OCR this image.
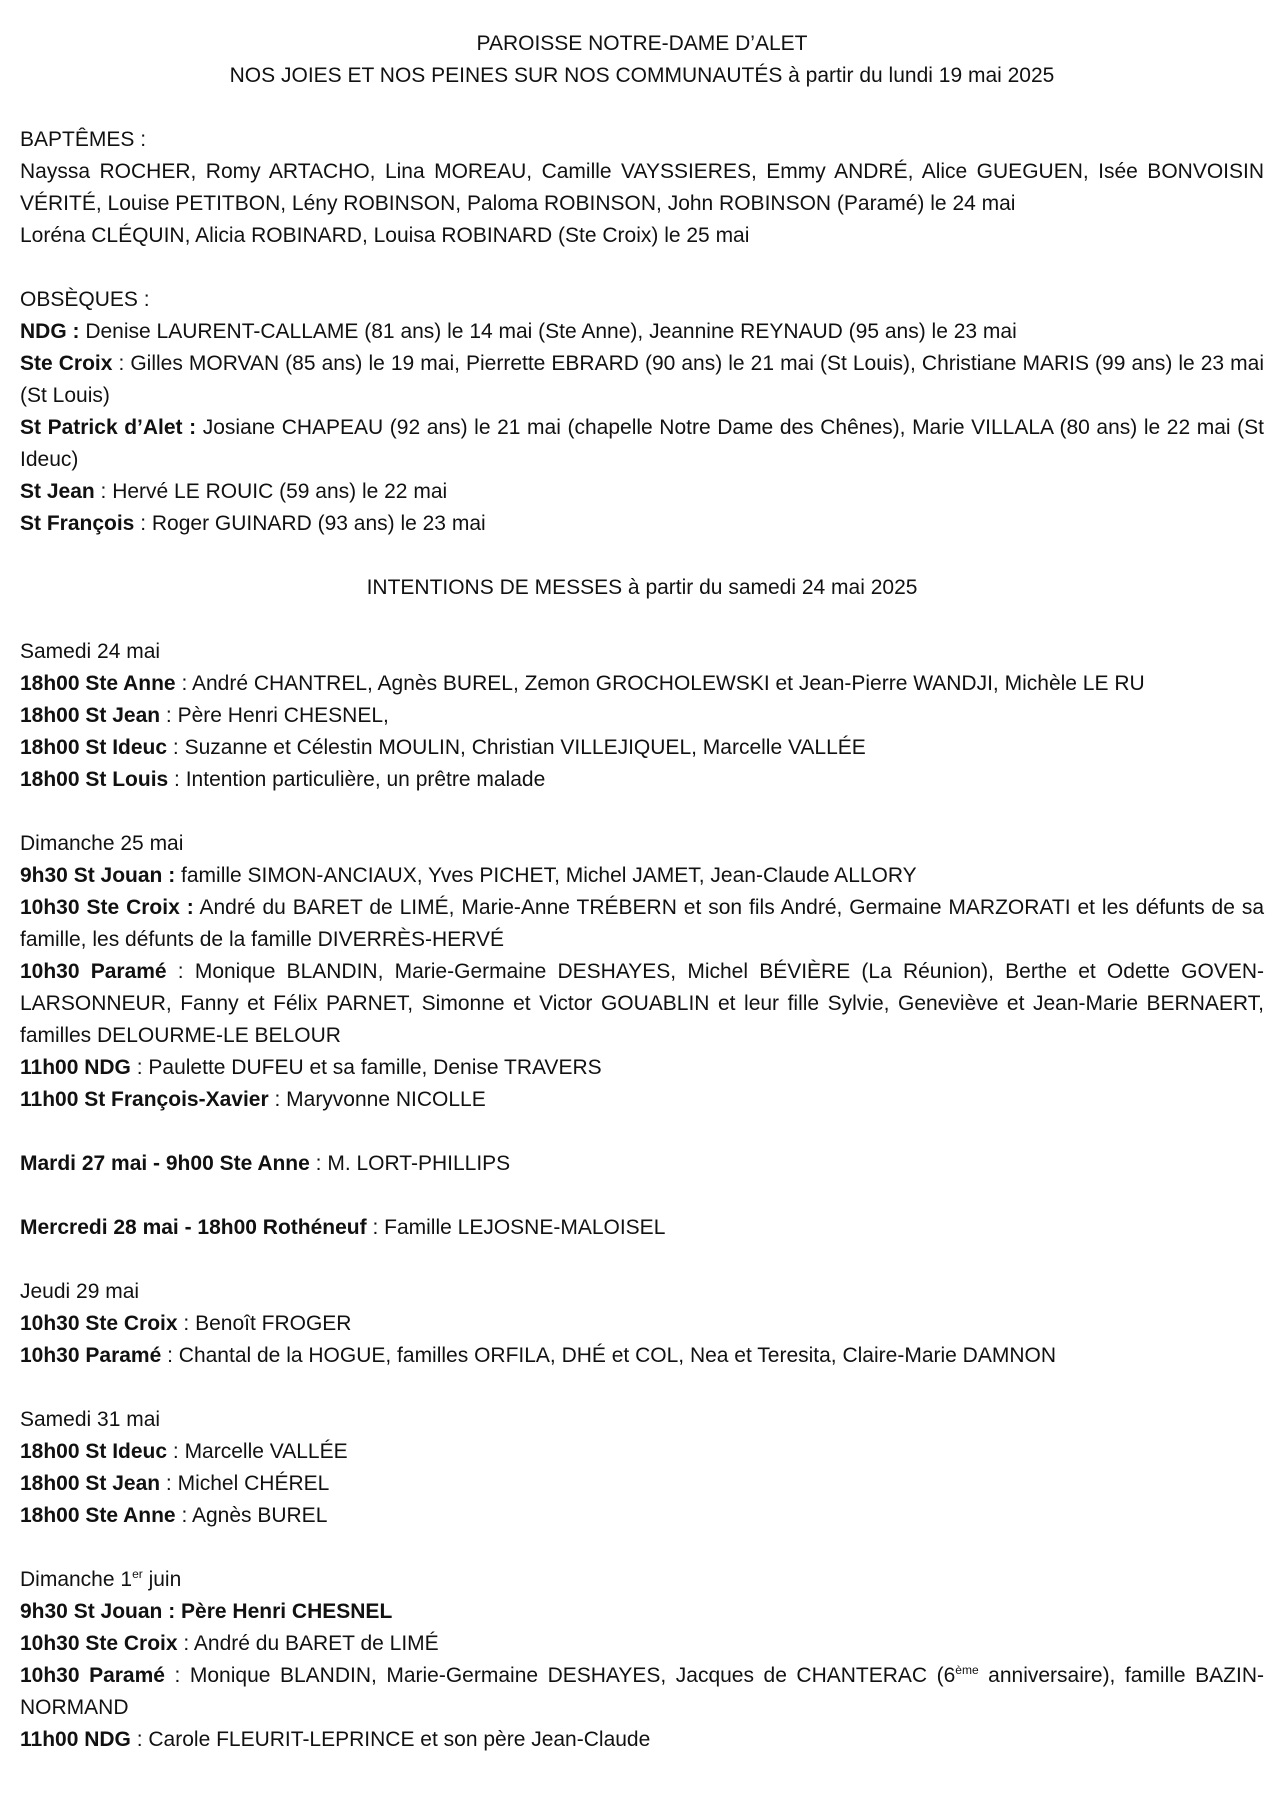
PAROISSE NOTRE-DAME D’ALET

NOS JOIES ET NOS PEINES SUR NOS COMMUNAUTÉS à partir du lundi 19 mai 2025

BAPTÊMES :

Nayssa ROCHER, Romy ARTACHO, Lina MOREAU, Camille VAYSSIERES, Emmy ANDRÉ, Alice GUEGUEN, Isée BONVOISIN VÉRITÉ, Louise PETITBON, Lény ROBINSON, Paloma ROBINSON, John ROBINSON (Paramé) le 24 mai

Loréna CLÉQUIN, Alicia ROBINARD, Louisa ROBINARD (Ste Croix) le 25 mai

OBSÈQUES :

NDG : Denise LAURENT-CALLAME (81 ans) le 14 mai (Ste Anne), Jeannine REYNAUD (95 ans) le 23 mai

Ste Croix : Gilles MORVAN (85 ans) le 19 mai, Pierrette EBRARD (90 ans) le 21 mai (St Louis), Christiane MARIS (99 ans) le 23 mai (St Louis)

St Patrick d’Alet : Josiane CHAPEAU (92 ans) le 21 mai (chapelle Notre Dame des Chênes), Marie VILLALA (80 ans) le 22 mai (St Ideuc)

St Jean : Hervé LE ROUIC (59 ans) le 22 mai

St François : Roger GUINARD (93 ans) le 23 mai

INTENTIONS DE MESSES à partir du samedi 24 mai 2025

Samedi 24 mai

18h00 Ste Anne : André CHANTREL, Agnès BUREL, Zemon GROCHOLEWSKI et Jean-Pierre WANDJI, Michèle LE RU

18h00 St Jean : Père Henri CHESNEL,

18h00 St Ideuc : Suzanne et Célestin MOULIN, Christian VILLEJIQUEL, Marcelle VALLÉE

18h00 St Louis : Intention particulière, un prêtre malade

Dimanche 25 mai

9h30 St Jouan : famille SIMON-ANCIAUX, Yves PICHET, Michel JAMET, Jean-Claude ALLORY

10h30 Ste Croix : André du BARET de LIMÉ, Marie-Anne TRÉBERN et son fils André, Germaine MARZORATI et les défunts de sa famille, les défunts de la famille DIVERRÈS-HERVÉ

10h30 Paramé : Monique BLANDIN, Marie-Germaine DESHAYES, Michel BÉVIÈRE (La Réunion), Berthe et Odette GOVEN-LARSONNEUR, Fanny et Félix PARNET, Simonne et Victor GOUABLIN et leur fille Sylvie, Geneviève et Jean-Marie BERNAERT, familles DELOURME-LE BELOUR

11h00 NDG : Paulette DUFEU et sa famille, Denise TRAVERS

11h00 St François-Xavier : Maryvonne NICOLLE

Mardi 27 mai - 9h00 Ste Anne : M. LORT-PHILLIPS

Mercredi 28 mai - 18h00 Rothéneuf : Famille LEJOSNE-MALOISEL

Jeudi 29 mai

10h30 Ste Croix : Benoît FROGER

10h30 Paramé : Chantal de la HOGUE, familles ORFILA, DHÉ et COL, Nea et Teresita, Claire-Marie DAMNON

Samedi 31 mai

18h00 St Ideuc : Marcelle VALLÉE

18h00 St Jean : Michel CHÉREL

18h00 Ste Anne : Agnès BUREL

Dimanche 1er juin

9h30 St Jouan : Père Henri CHESNEL

10h30 Ste Croix : André du BARET de LIMÉ

10h30 Paramé : Monique BLANDIN, Marie-Germaine DESHAYES, Jacques de CHANTERAC (6ème anniversaire), famille BAZIN-NORMAND

11h00 NDG : Carole FLEURIT-LEPRINCE et son père Jean-Claude
